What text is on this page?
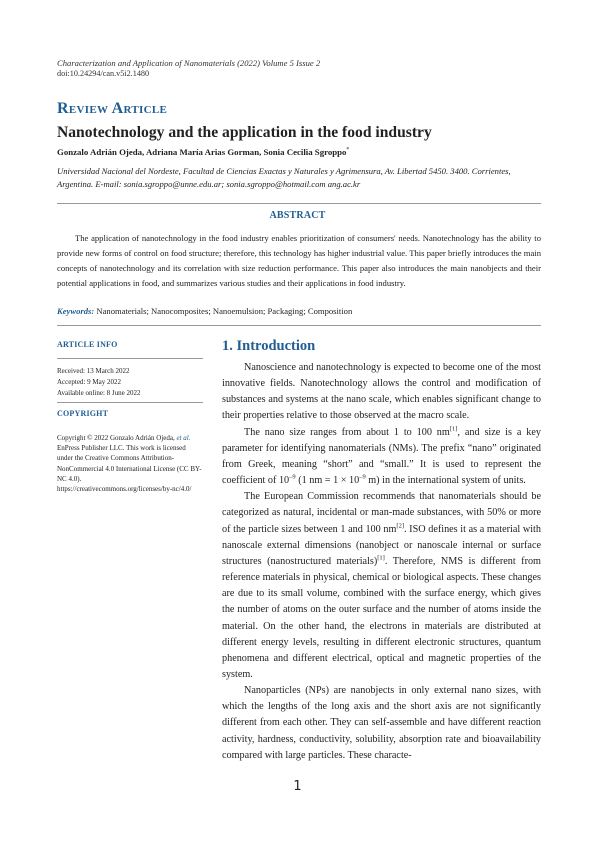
Characterization and Application of Nanomaterials (2022) Volume 5 Issue 2
doi:10.24294/can.v5i2.1480
Review Article
Nanotechnology and the application in the food industry
Gonzalo Adrián Ojeda, Adriana María Arias Gorman, Sonia Cecilia Sgroppo*
Universidad Nacional del Nordeste, Facultad de Ciencias Exactas y Naturales y Agrimensura, Av. Libertad 5450. 3400. Corrientes, Argentina. E-mail: sonia.sgroppo@unne.edu.ar; sonia.sgroppo@hotmail.com ang.ac.kr
ABSTRACT
The application of nanotechnology in the food industry enables prioritization of consumers' needs. Nanotechnology has the ability to provide new forms of control on food structure; therefore, this technology has higher industrial value. This paper briefly introduces the main concepts of nanotechnology and its correlation with size reduction performance. This paper also introduces the main nanobjects and their potential applications in food, and summarizes various studies and their applications in food industry.
Keywords: Nanomaterials; Nanocomposites; Nanoemulsion; Packaging; Composition
ARTICLE INFO
Received: 13 March 2022
Accepted: 9 May 2022
Available online: 8 June 2022
COPYRIGHT
Copyright © 2022 Gonzalo Adrián Ojeda, et al.
EnPress Publisher LLC. This work is licensed under the Creative Commons Attribution-NonCommercial 4.0 International License (CC BY-NC 4.0).
https://creativecommons.org/licenses/by-nc/4.0/
1. Introduction

Nanoscience and nanotechnology is expected to become one of the most innovative fields. Nanotechnology allows the control and modification of substances and systems at the nano scale, which enables significant change to their properties relative to those observed at the macro scale.

The nano size ranges from about 1 to 100 nm[1], and size is a key parameter for identifying nanomaterials (NMs). The prefix “nano” originated from Greek, meaning “short” and “small.” It is used to represent the coefficient of $10^{-9}$ (1 nm = $1 \times 10^{-9}$ m) in the international system of units.

The European Commission recommends that nanomaterials should be categorized as natural, incidental or man-made substances, with 50% or more of the particle sizes between 1 and 100 nm[2]. ISO defines it as a material with nanoscale external dimensions (nanobject or nanoscale internal or surface structures (nanostructured materials)[1]. Therefore, NMS is different from reference materials in physical, chemical or biological aspects. These changes are due to its small volume, combined with the surface energy, which gives the number of atoms on the outer surface and the number of atoms inside the material. On the other hand, the electrons in materials are distributed at different energy levels, resulting in different electronic structures, quantum phenomena and different electrical, optical and magnetic properties of the system.

Nanoparticles (NPs) are nanobjects in only external nano sizes, with which the lengths of the long axis and the short axis are not significantly different from each other. They can self-assemble and have different reaction activity, hardness, conductivity, solubility, absorption rate and bioavailability compared with large particles. These characte-

1
